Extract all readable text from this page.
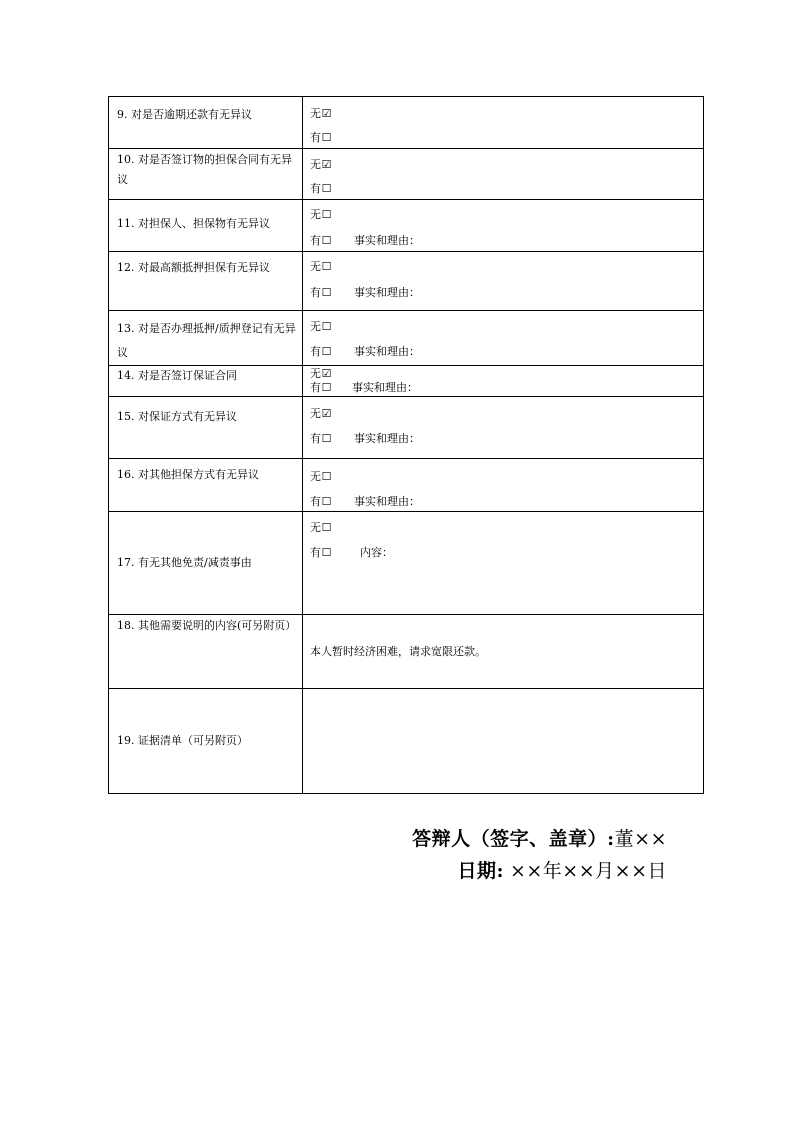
9. 对是否逾期还款有无异议	无☑
有☐

10. 对是否签订物的担保合同有无异议	无☑
有☐

11. 对担保人、担保物有无异议	无☐
有☐ 事实和理由：

12. 对最高额抵押担保有无异议	无☐
有☐ 事实和理由：

13. 对是否办理抵押/质押登记有无异议	无☐
有☐ 事实和理由：

14. 对是否签订保证合同	无☑
有☐ 事实和理由：

15. 对保证方式有无异议	无☑
有☐ 事实和理由：

16. 对其他担保方式有无异议	无☐
有☐ 事实和理由：

17. 有无其他免责/减责事由	无☐
有☐ 内容：

18. 其他需要说明的内容(可另附页）	本人暂时经济困难，请求宽限还款。

19. 证据清单（可另附页）	
答辩人（签字、盖章）:董××
日期: ××年××月××日
